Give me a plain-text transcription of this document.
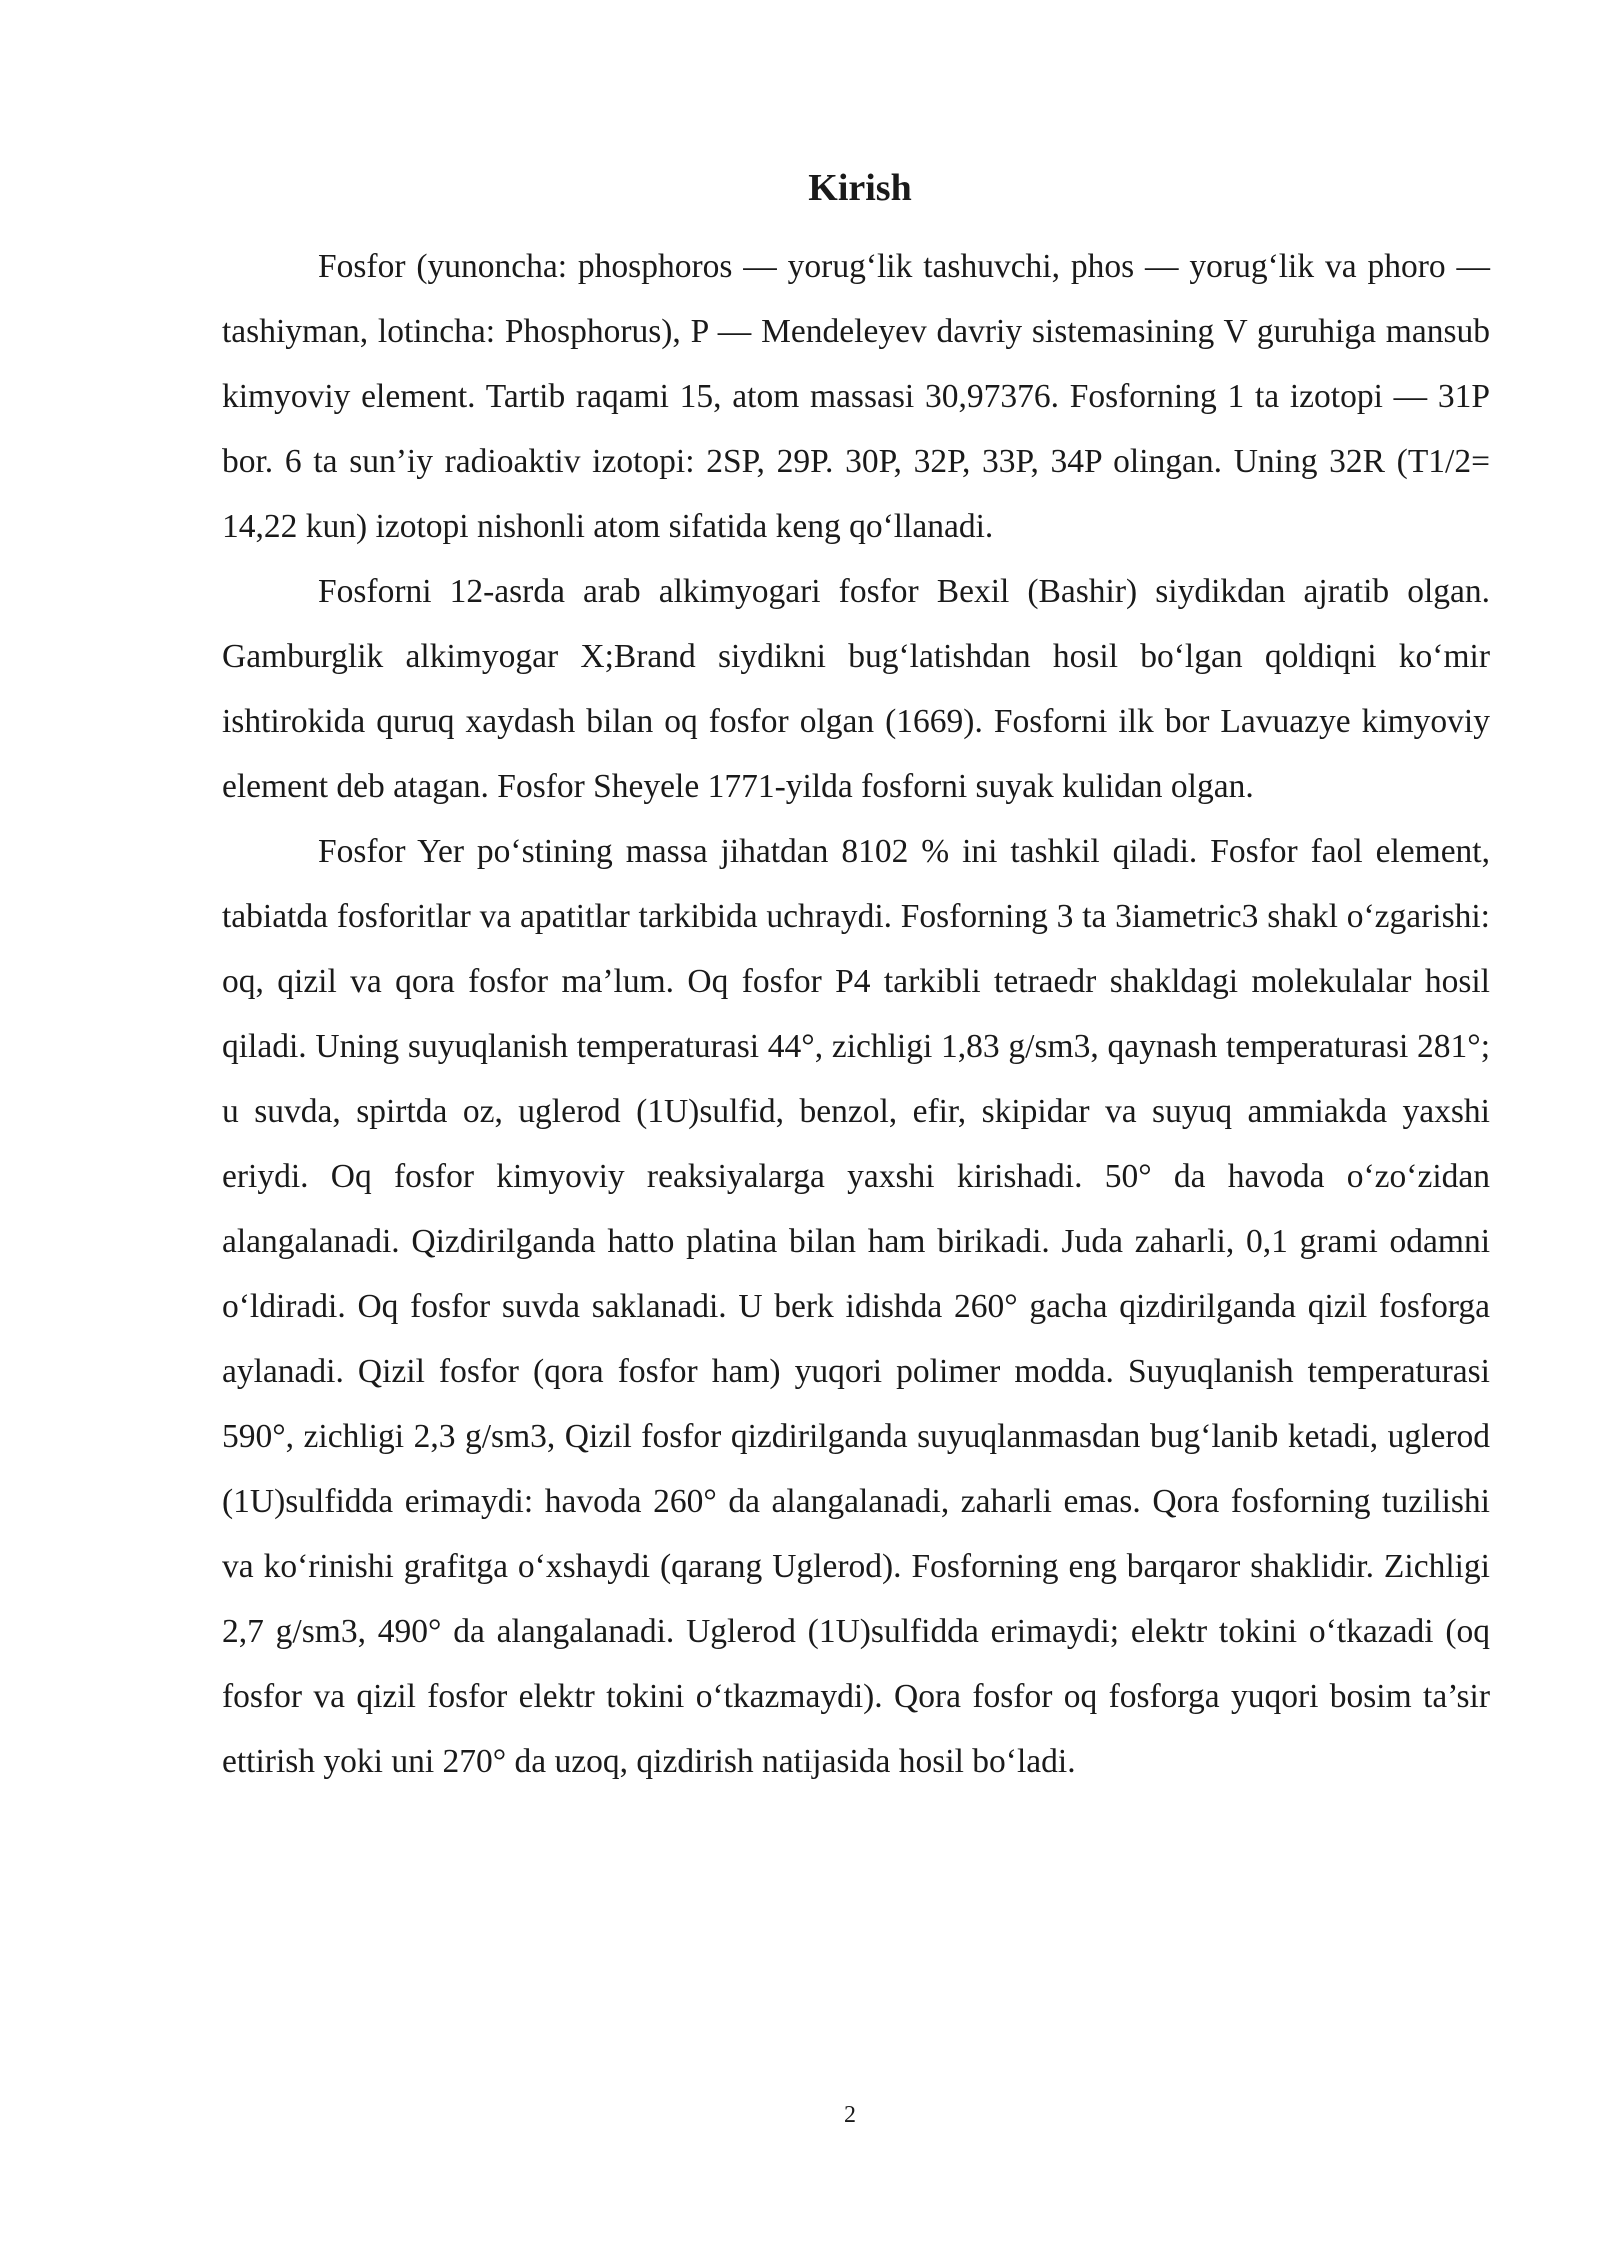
Kirish

Fosfor (yunoncha: phosphoros — yorug‘lik tashuvchi, phos — yorug‘lik va phoro — tashiyman, lotincha: Phosphorus), P — Mendeleyev davriy sistemasining V guruhiga mansub kimyoviy element. Tartib raqami 15, atom massasi 30,97376. Fosforning 1 ta izotopi — 31P bor. 6 ta sun’iy radioaktiv izotopi: 2SP, 29P. 30P, 32P, 33P, 34P olingan. Uning 32R (T1/2= 14,22 kun) izotopi nishonli atom sifatida keng qo‘llanadi.

Fosforni 12-asrda arab alkimyogari fosfor Bexil (Bashir) siydikdan ajratib olgan. Gamburglik alkimyogar X;Brand siydikni bug‘latishdan hosil bo‘lgan qoldiqni ko‘mir ishtirokida quruq xaydash bilan oq fosfor olgan (1669). Fosforni ilk bor Lavuazye kimyoviy element deb atagan. Fosfor Sheyele 1771-yilda fosforni suyak kulidan olgan.

Fosfor Yer po‘stining massa jihatdan 8102 % ini tashkil qiladi. Fosfor faol element, tabiatda fosforitlar va apatitlar tarkibida uchraydi. Fosforning 3 ta 3iametric3 shakl o‘zgarishi: oq, qizil va qora fosfor ma’lum. Oq fosfor P4 tarkibli tetraedr shakldagi molekulalar hosil qiladi. Uning suyuqlanish temperaturasi 44°, zichligi 1,83 g/sm3, qaynash temperaturasi 281°; u suvda, spirtda oz, uglerod (1U)sulfid, benzol, efir, skipidar va suyuq ammiakda yaxshi eriydi. Oq fosfor kimyoviy reaksiyalarga yaxshi kirishadi. 50° da havoda o‘zo‘zidan alangalanadi. Qizdirilganda hatto platina bilan ham birikadi. Juda zaharli, 0,1 grami odamni o‘ldiradi. Oq fosfor suvda saklanadi. U berk idishda 260° gacha qizdirilganda qizil fosforga aylanadi. Qizil fosfor (qora fosfor ham) yuqori polimer modda. Suyuqlanish temperaturasi 590°, zichligi 2,3 g/sm3, Qizil fosfor qizdirilganda suyuqlanmasdan bug‘lanib ketadi, uglerod (1U)sulfidda erimaydi: havoda 260° da alangalanadi, zaharli emas. Qora fosforning tuzilishi va ko‘rinishi grafitga o‘xshaydi (qarang Uglerod). Fosforning eng barqaror shaklidir. Zichligi 2,7 g/sm3, 490° da alangalanadi. Uglerod (1U)sulfidda erimaydi; elektr tokini o‘tkazadi (oq fosfor va qizil fosfor elektr tokini o‘tkazmaydi). Qora fosfor oq fosforga yuqori bosim ta’sir ettirish yoki uni 270° da uzoq, qizdirish natijasida hosil bo‘ladi.

2
